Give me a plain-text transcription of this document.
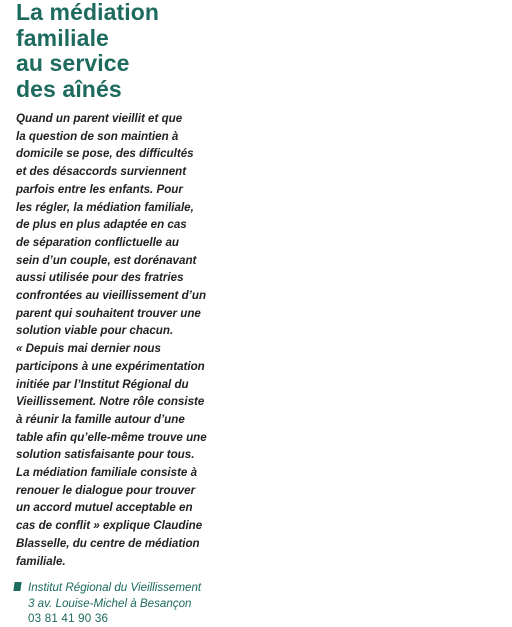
La médiation
familiale
au service
des aînés
Quand un parent vieillit et que
la question de son maintien à
domicile se pose, des difficultés
et des désaccords surviennent
parfois entre les enfants. Pour
les régler, la médiation familiale,
de plus en plus adaptée en cas
de séparation conflictuelle au
sein d’un couple, est dorénavant
aussi utilisée pour des fratries
confrontées au vieillissement d’un
parent qui souhaitent trouver une
solution viable pour chacun.
« Depuis mai dernier nous
participons à une expérimentation
initiée par l’Institut Régional du
Vieillissement. Notre rôle consiste
à réunir la famille autour d’une
table afin qu’elle-même trouve une
solution satisfaisante pour tous.
La médiation familiale consiste à
renouer le dialogue pour trouver
un accord mutuel acceptable en
cas de conflit » explique Claudine
Blasselle, du centre de médiation
familiale.
Institut Régional du Vieillissement
3 av. Louise-Michel à Besançon
03 81 41 90 36
